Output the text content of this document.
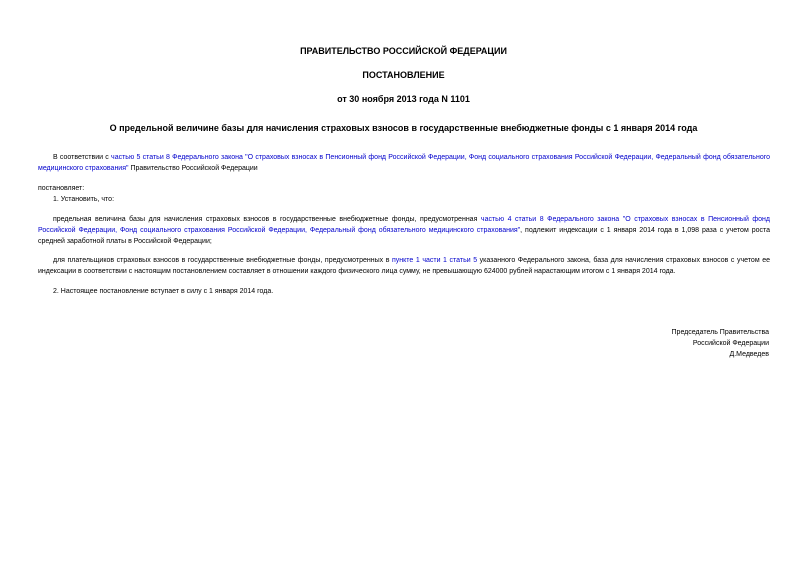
ПРАВИТЕЛЬСТВО РОССИЙСКОЙ ФЕДЕРАЦИИ
ПОСТАНОВЛЕНИЕ
от 30 ноября 2013 года N 1101
О предельной величине базы для начисления страховых взносов в государственные внебюджетные фонды с 1 января 2014 года
В соответствии с частью 5 статьи 8 Федерального закона "О страховых взносах в Пенсионный фонд Российской Федерации, Фонд социального страхования Российской Федерации, Федеральный фонд обязательного медицинского страхования" Правительство Российской Федерации
постановляет:
1. Установить, что:
предельная величина базы для начисления страховых взносов в государственные внебюджетные фонды, предусмотренная частью 4 статьи 8 Федерального закона "О страховых взносах в Пенсионный фонд Российской Федерации, Фонд социального страхования Российской Федерации, Федеральный фонд обязательного медицинского страхования", подлежит индексации с 1 января 2014 года в 1,098 раза с учетом роста средней заработной платы в Российской Федерации;
для плательщиков страховых взносов в государственные внебюджетные фонды, предусмотренных в пункте 1 части 1 статьи 5 указанного Федерального закона, база для начисления страховых взносов с учетом ее индексации в соответствии с настоящим постановлением составляет в отношении каждого физического лица сумму, не превышающую 624000 рублей нарастающим итогом с 1 января 2014 года.
2. Настоящее постановление вступает в силу с 1 января 2014 года.
Председатель Правительства
Российской Федерации
Д.Медведев
